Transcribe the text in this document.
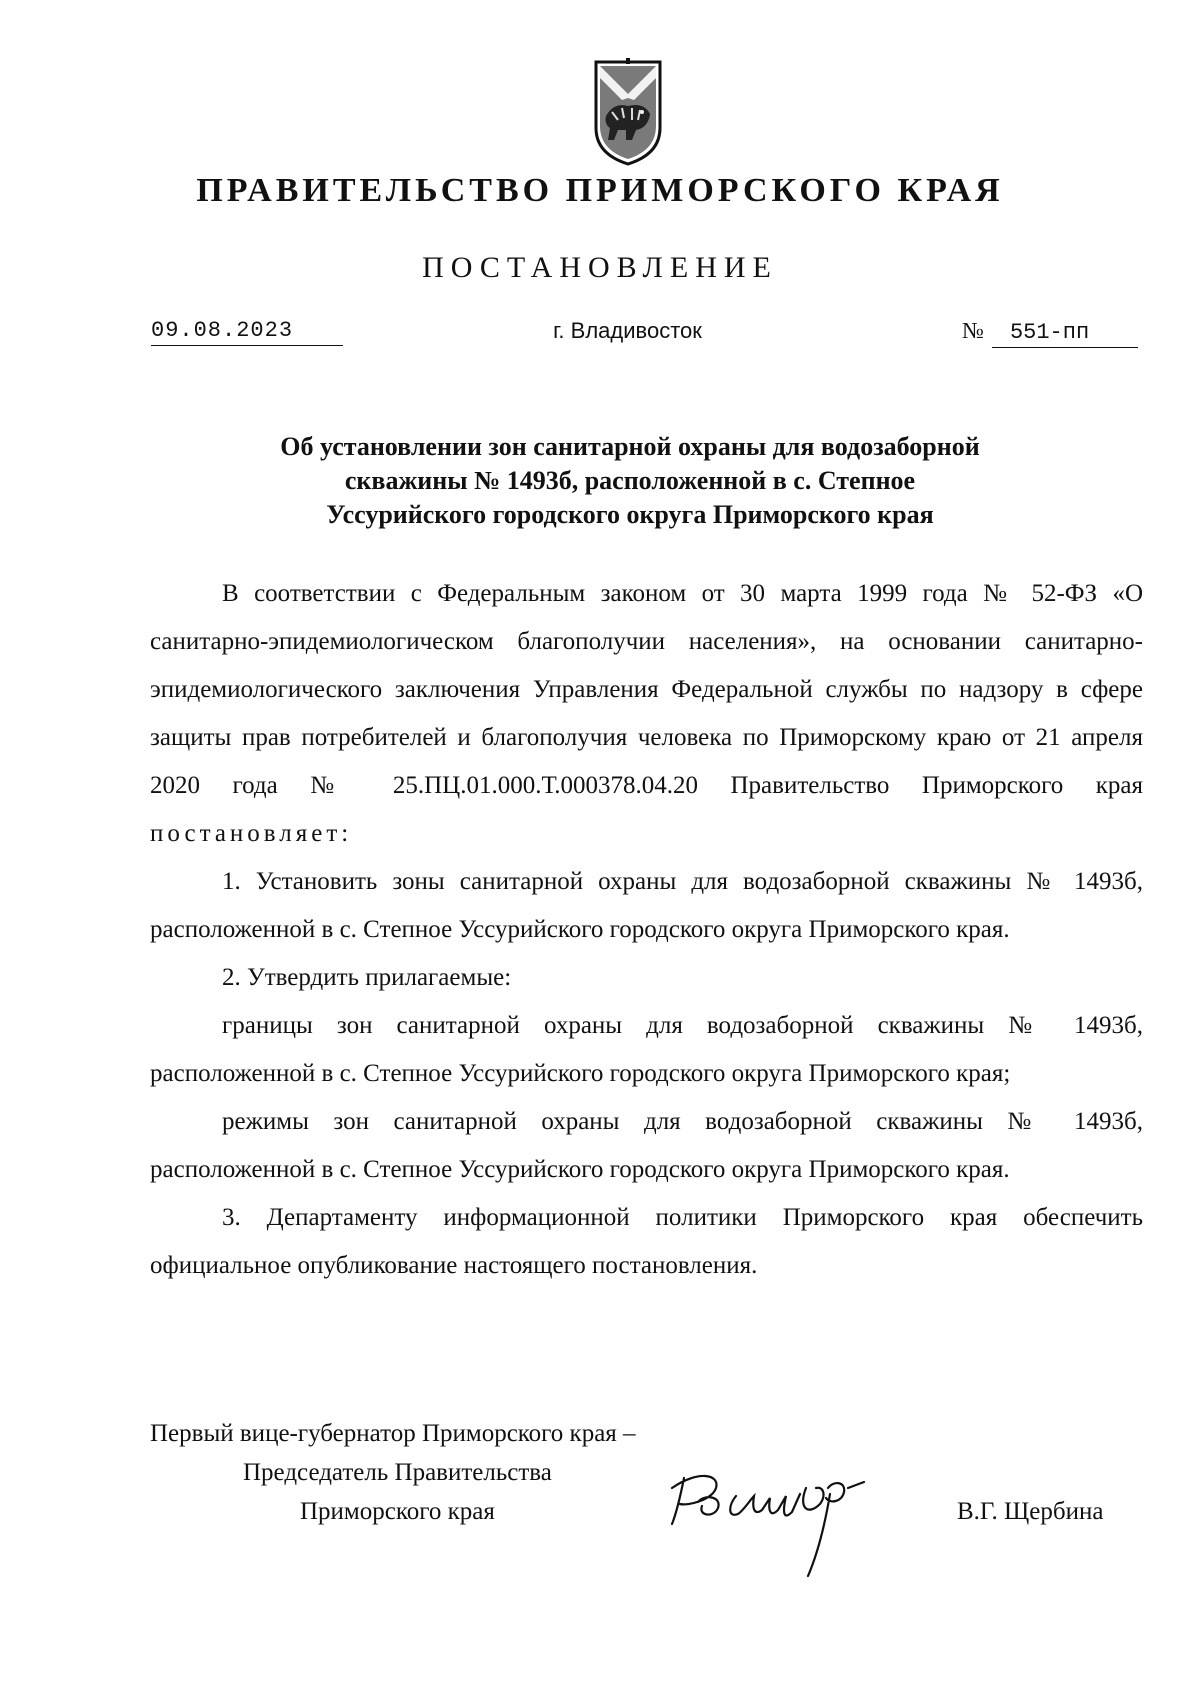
ПРАВИТЕЛЬСТВО ПРИМОРСКОГО КРАЯ
ПОСТАНОВЛЕНИЕ
09.08.2023	г. Владивосток	№	551-пп
Об установлении зон санитарной охраны для водозаборной
скважины № 1493б, расположенной в с. Степное
Уссурийского городского округа Приморского края

В соответствии с Федеральным законом от 30 марта 1999 года № 52-ФЗ «О санитарно-эпидемиологическом благополучии населения», на основании санитарно-эпидемиологического заключения Управления Федеральной службы по надзору в сфере защиты прав потребителей и благополучия человека по Приморскому краю от 21 апреля 2020 года № 25.ПЦ.01.000.Т.000378.04.20 Правительство Приморского края постановляет:

1. Установить зоны санитарной охраны для водозаборной скважины № 1493б, расположенной в с. Степное Уссурийского городского округа Приморского края.

2. Утвердить прилагаемые:

границы зон санитарной охраны для водозаборной скважины № 1493б, расположенной в с. Степное Уссурийского городского округа Приморского края;

режимы зон санитарной охраны для водозаборной скважины № 1493б, расположенной в с. Степное Уссурийского городского округа Приморского края.

3. Департаменту информационной политики Приморского края обеспечить официальное опубликование настоящего постановления.

Первый вице-губернатор Приморского края –
Председатель Правительства
Приморского края	В.Г. Щербина
